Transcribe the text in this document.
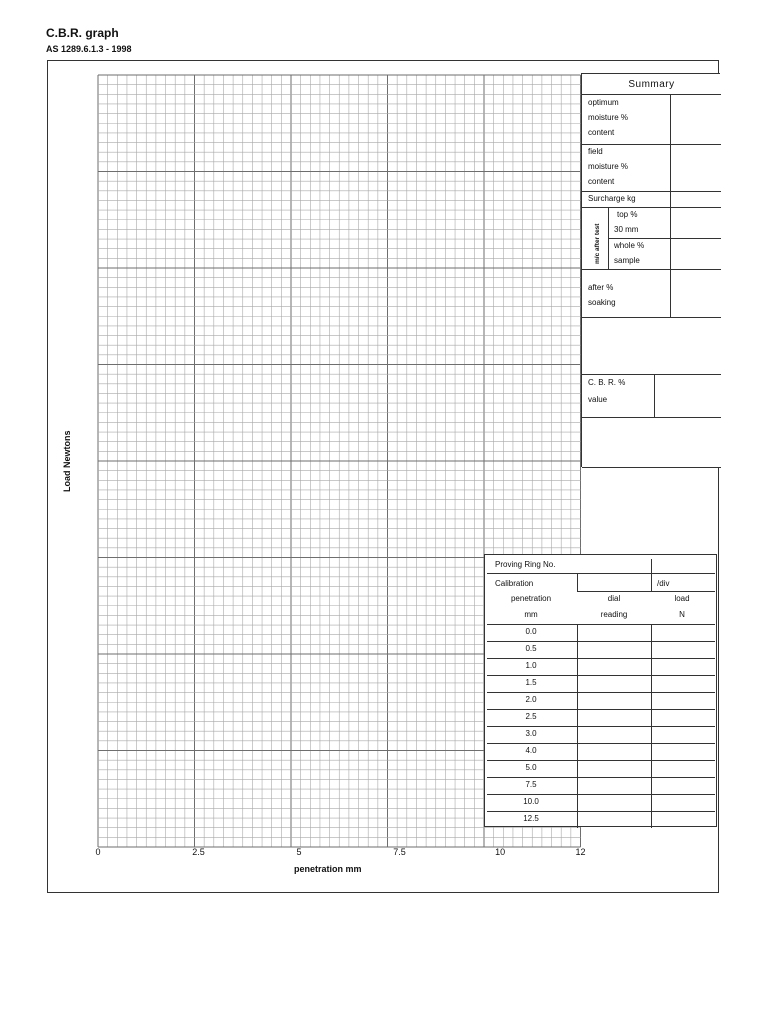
C.B.R. graph
AS 1289.6.1.3 - 1998
Load Newtons
0	2.5	5	7.5	10	12
penetration mm
Summary
optimum
moisture %
content
field
moisture %
content
Surcharge kg
m/c after test
top %
30 mm
whole %
sample
after %
soaking
C. B. R. %
value
Proving Ring No.
Calibration	/div
penetration
mm
dial
reading
load
N
0.0
0.5
1.0
1.5
2.0
2.5
3.0
4.0
5.0
7.5
10.0
12.5
